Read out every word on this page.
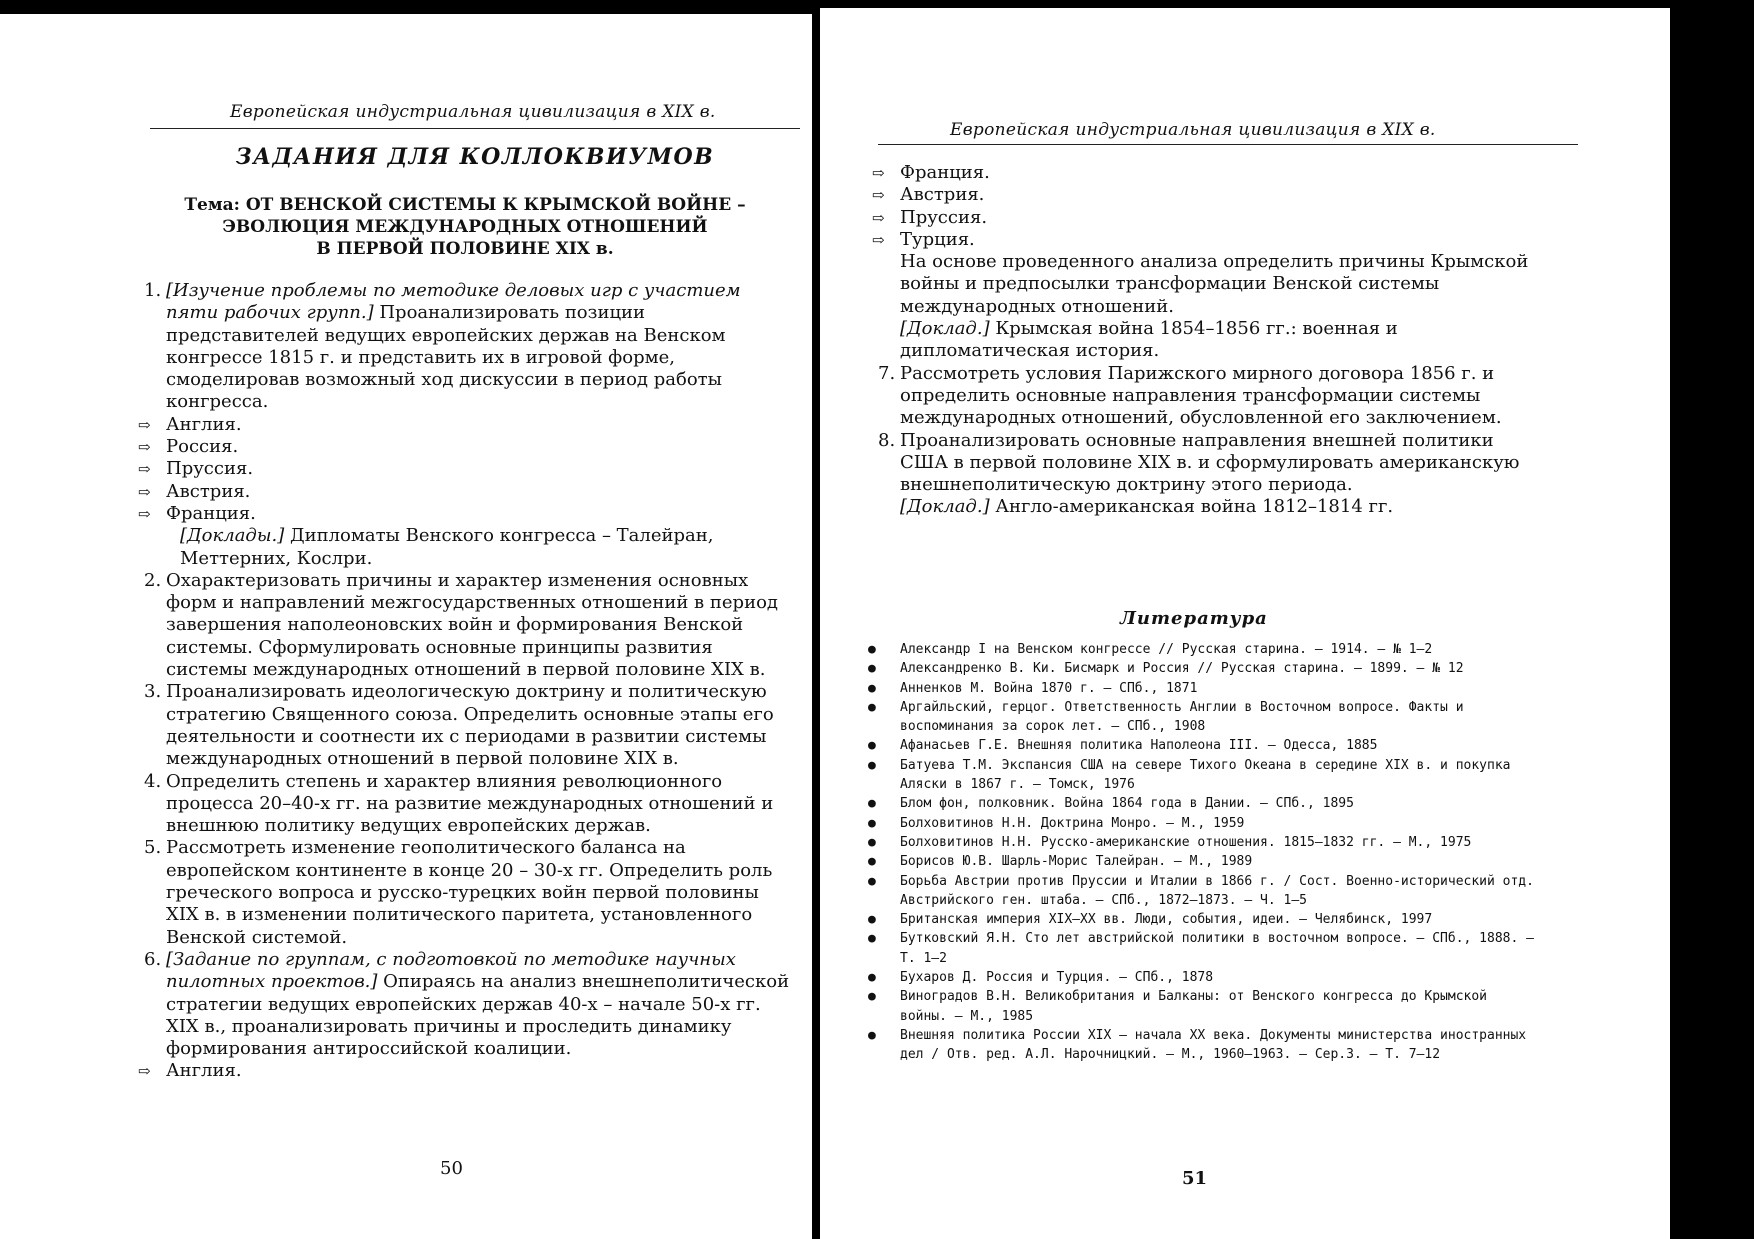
Европейская индустриальная цивилизация в XIX в.
ЗАДАНИЯ ДЛЯ КОЛЛОКВИУМОВ
Тема: ОТ ВЕНСКОЙ СИСТЕМЫ К КРЫМСКОЙ ВОЙНЕ –
ЭВОЛЮЦИЯ МЕЖДУНАРОДНЫХ ОТНОШЕНИЙ
В ПЕРВОЙ ПОЛОВИНЕ XIX в.
1. [Изучение проблемы по методике деловых игр с участием пяти рабочих групп.] Проанализировать позиции представителей ведущих европейских держав на Венском конгрессе 1815 г. и представить их в игровой форме, смоделировав возможный ход дискуссии в период работы конгресса.
⇨ Англия.
⇨ Россия.
⇨ Пруссия.
⇨ Австрия.
⇨ Франция.
[Доклады.] Дипломаты Венского конгресса – Талейран, Меттерних, Кослри.
2. Охарактеризовать причины и характер изменения основных форм и направлений межгосударственных отношений в период завершения наполеоновских войн и формирования Венской системы. Сформулировать основные принципы развития системы международных отношений в первой половине XIX в.
3. Проанализировать идеологическую доктрину и политическую стратегию Священного союза. Определить основные этапы его деятельности и соотнести их с периодами в развитии системы международных отношений в первой половине XIX в.
4. Определить степень и характер влияния революционного процесса 20–40-х гг. на развитие международных отношений и внешнюю политику ведущих европейских держав.
5. Рассмотреть изменение геополитического баланса на европейском континенте в конце 20 – 30-х гг. Определить роль греческого вопроса и русско-турецких войн первой половины XIX в. в изменении политического паритета, установленного Венской системой.
6. [Задание по группам, с подготовкой по методике научных пилотных проектов.] Опираясь на анализ внешнеполитической стратегии ведущих европейских держав 40-х – начале 50-х гг. XIX в., проанализировать причины и проследить динамику формирования антироссийской коалиции.
⇨ Англия.
50
Европейская индустриальная цивилизация в XIX в.
⇨ Франция.
⇨ Австрия.
⇨ Пруссия.
⇨ Турция.
На основе проведенного анализа определить причины Крымской войны и предпосылки трансформации Венской системы международных отношений.
[Доклад.] Крымская война 1854–1856 гг.: военная и дипломатическая история.
7. Рассмотреть условия Парижского мирного договора 1856 г. и определить основные направления трансформации системы международных отношений, обусловленной его заключением.
8. Проанализировать основные направления внешней политики США в первой половине XIX в. и сформулировать американскую внешнеполитическую доктрину этого периода.
[Доклад.] Англо-американская война 1812–1814 гг.
Литература
● Александр I на Венском конгрессе // Русская старина. – 1914. – № 1–2
● Александренко В. Ки. Бисмарк и Россия // Русская старина. – 1899. – № 12
● Анненков М. Война 1870 г. – СПб., 1871
● Аргайльский, герцог. Ответственность Англии в Восточном вопросе. Факты и воспоминания за сорок лет. – СПб., 1908
● Афанасьев Г.Е. Внешняя политика Наполеона III. – Одесса, 1885
● Батуева Т.М. Экспансия США на севере Тихого Океана в середине XIX в. и покупка Аляски в 1867 г. – Томск, 1976
● Блом фон, полковник. Война 1864 года в Дании. – СПб., 1895
● Болховитинов Н.Н. Доктрина Монро. – М., 1959
● Болховитинов Н.Н. Русско-американские отношения. 1815–1832 гг. – М., 1975
● Борисов Ю.В. Шарль-Морис Талейран. – М., 1989
● Борьба Австрии против Пруссии и Италии в 1866 г. / Сост. Военно-исторический отд. Австрийского ген. штаба. – СПб., 1872–1873. – Ч. 1–5
● Британская империя XIX–XX вв. Люди, события, идеи. – Челябинск, 1997
● Бутковский Я.Н. Сто лет австрийской политики в восточном вопросе. – СПб., 1888. – Т. 1–2
● Бухаров Д. Россия и Турция. – СПб., 1878
● Виноградов В.Н. Великобритания и Балканы: от Венского конгресса до Крымской войны. – М., 1985
● Внешняя политика России XIX – начала XX века. Документы министерства иностранных дел / Отв. ред. А.Л. Нарочницкий. – М., 1960–1963. – Сер.3. – Т. 7–12
51
